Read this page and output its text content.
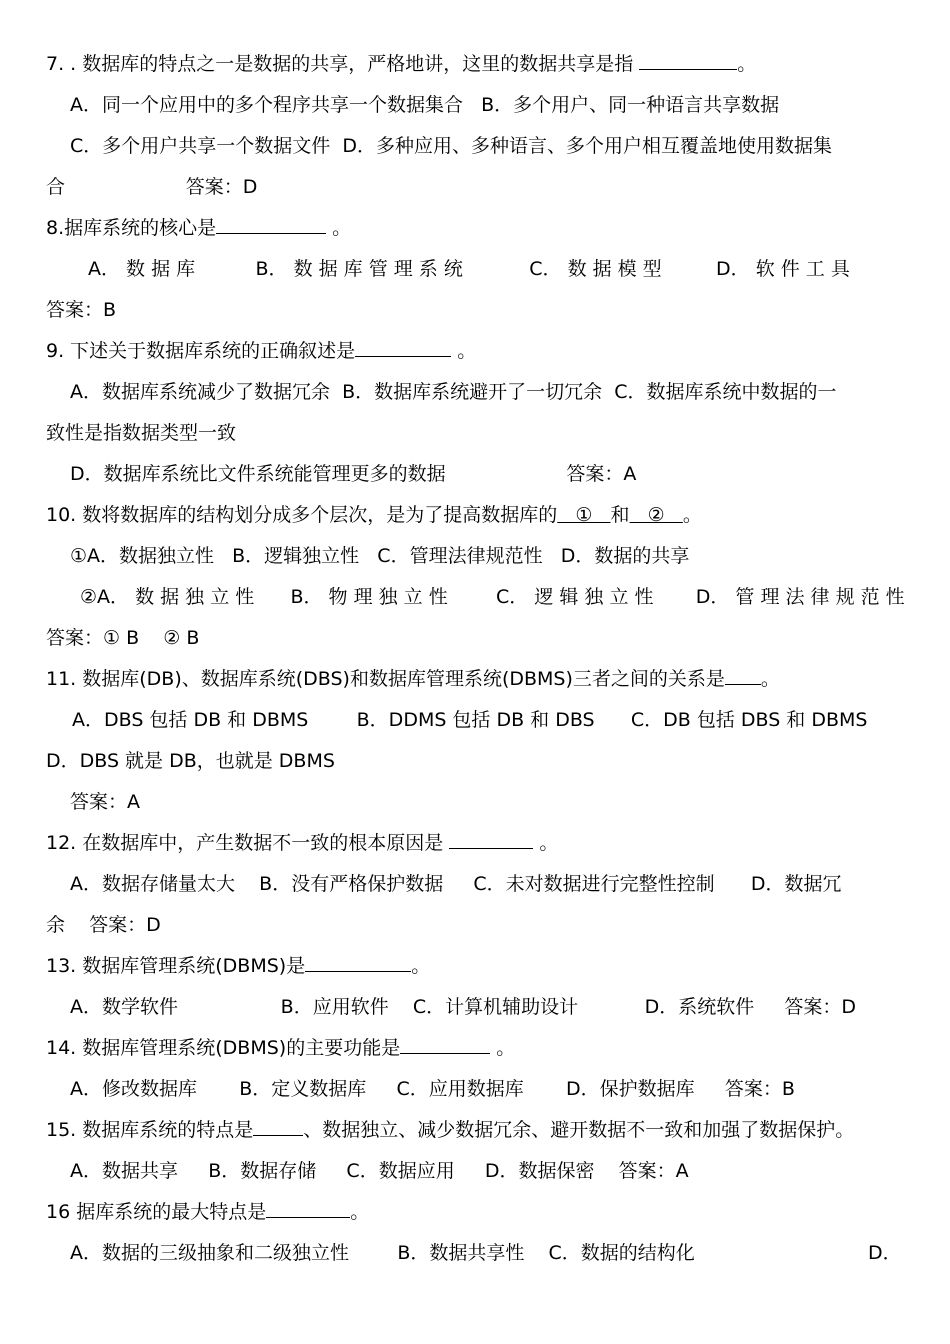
7. . 数据库的特点之一是数据的共享，严格地讲，这里的数据共享是指	。
A．同一个应用中的多个程序共享一个数据集合   B．多个用户、同一种语言共享数据
C．多个用户共享一个数据文件  D．多种应用、多种语言、多个用户相互覆盖地使用数据集
合                    答案：D
8.据库系统的核心是	。
A． 数 据 库          B． 数 据 库 管 理 系 统           C． 数 据 模 型         D． 软 件 工 具
答案：B
9. 下述关于数据库系统的正确叙述是	。
A．数据库系统减少了数据冗余  B．数据库系统避开了一切冗余  C．数据库系统中数据的一
致性是指数据类型一致
D．数据库系统比文件系统能管理更多的数据                    答案：A
10. 数将数据库的结构划分成多个层次，是为了提高数据库的   ①   和   ②   。
①A．数据独立性   B．逻辑独立性   C．管理法律规范性   D．数据的共享
②A． 数 据 独 立 性      B． 物 理 独 立 性        C． 逻 辑 独 立 性       D． 管 理 法 律 规 范 性
答案：① B    ② B
11. 数据库(DB)、数据库系统(DBS)和数据库管理系统(DBMS)三者之间的关系是 。
A．DBS 包括 DB 和 DBMS        B．DDMS 包括 DB 和 DBS      C．DB 包括 DBS 和 DBMS
D．DBS 就是 DB，也就是 DBMS
答案：A
12. 在数据库中，产生数据不一致的根本原因是	。
A．数据存储量太大    B．没有严格保护数据     C．未对数据进行完整性控制      D．数据冗
余    答案：D
13. 数据库管理系统(DBMS)是	。
A．数学软件                 B．应用软件    C．计算机辅助设计           D．系统软件     答案：D
14. 数据库管理系统(DBMS)的主要功能是	。
A．修改数据库       B．定义数据库     C．应用数据库       D．保护数据库     答案：B
15. 数据库系统的特点是	、数据独立、减少数据冗余、避开数据不一致和加强了数据保护。
A．数据共享     B．数据存储     C．数据应用     D．数据保密    答案：A
16 据库系统的最大特点是	。
A．数据的三级抽象和二级独立性        B．数据共享性    C．数据的结构化	D．
